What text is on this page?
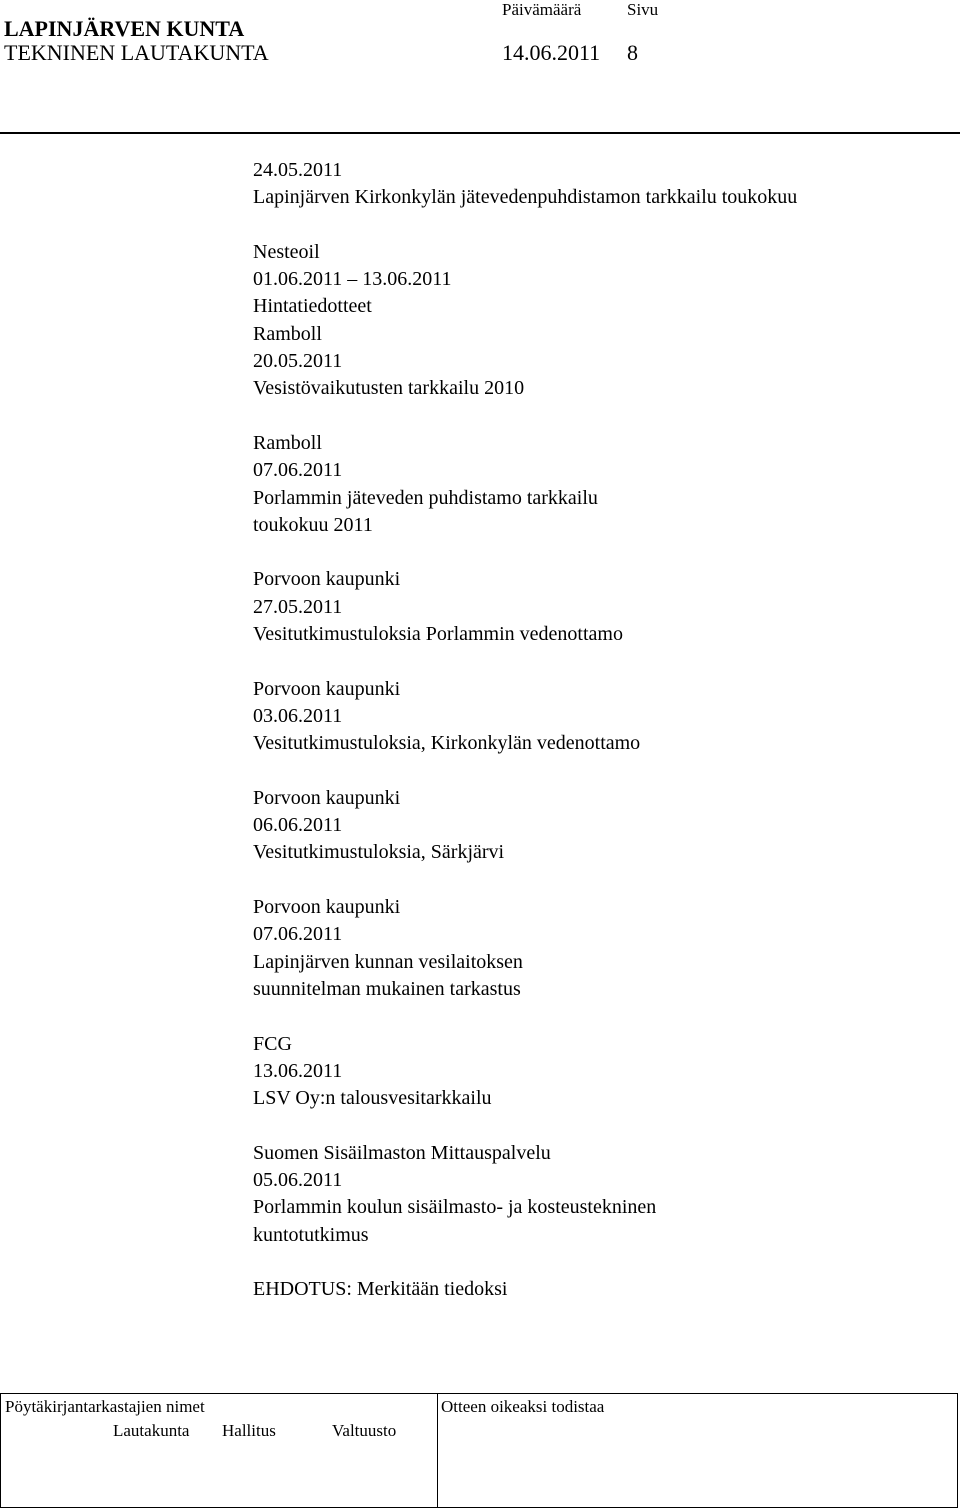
LAPINJÄRVEN KUNTA
TEKNINEN LAUTAKUNTA
Päivämäärä	Sivu
14.06.2011 8
24.05.2011
Lapinjärven Kirkonkylän jätevedenpuhdistamon tarkkailu toukokuu
Nesteoil
01.06.2011 – 13.06.2011
Hintatiedotteet
Ramboll
20.05.2011
Vesistövaikutusten tarkkailu 2010
Ramboll
07.06.2011
Porlammin jäteveden puhdistamo tarkkailu
toukokuu 2011
Porvoon kaupunki
27.05.2011
Vesitutkimustuloksia Porlammin vedenottamo
Porvoon kaupunki
03.06.2011
Vesitutkimustuloksia, Kirkonkylän vedenottamo
Porvoon kaupunki
06.06.2011
Vesitutkimustuloksia, Särkjärvi
Porvoon kaupunki
07.06.2011
Lapinjärven kunnan vesilaitoksen
suunnitelman mukainen tarkastus
FCG
13.06.2011
LSV Oy:n talousvesitarkkailu
Suomen Sisäilmaston Mittauspalvelu
05.06.2011
Porlammin koulun sisäilmasto- ja kosteustekninen
kuntotutkimus
EHDOTUS: Merkitään tiedoksi
Pöytäkirjantarkastajien nimet	Otteen oikeaksi todistaa
Lautakunta Hallitus	Valtuusto
